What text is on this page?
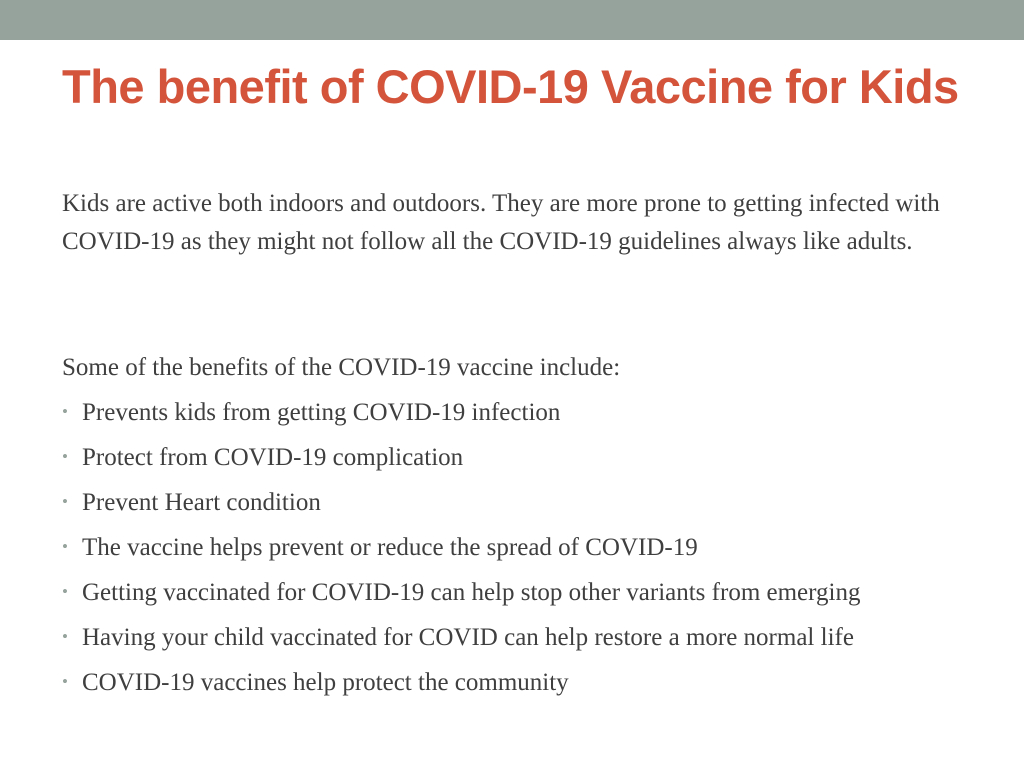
The benefit of COVID-19 Vaccine for Kids

Kids are active both indoors and outdoors. They are more prone to getting infected with COVID-19 as they might not follow all the COVID-19 guidelines always like adults.

Some of the benefits of the COVID-19 vaccine include:

• Prevents kids from getting COVID-19 infection
• Protect from COVID-19 complication
• Prevent Heart condition
• The vaccine helps prevent or reduce the spread of COVID-19
• Getting vaccinated for COVID-19 can help stop other variants from emerging
• Having your child vaccinated for COVID can help restore a more normal life
• COVID-19 vaccines help protect the community
